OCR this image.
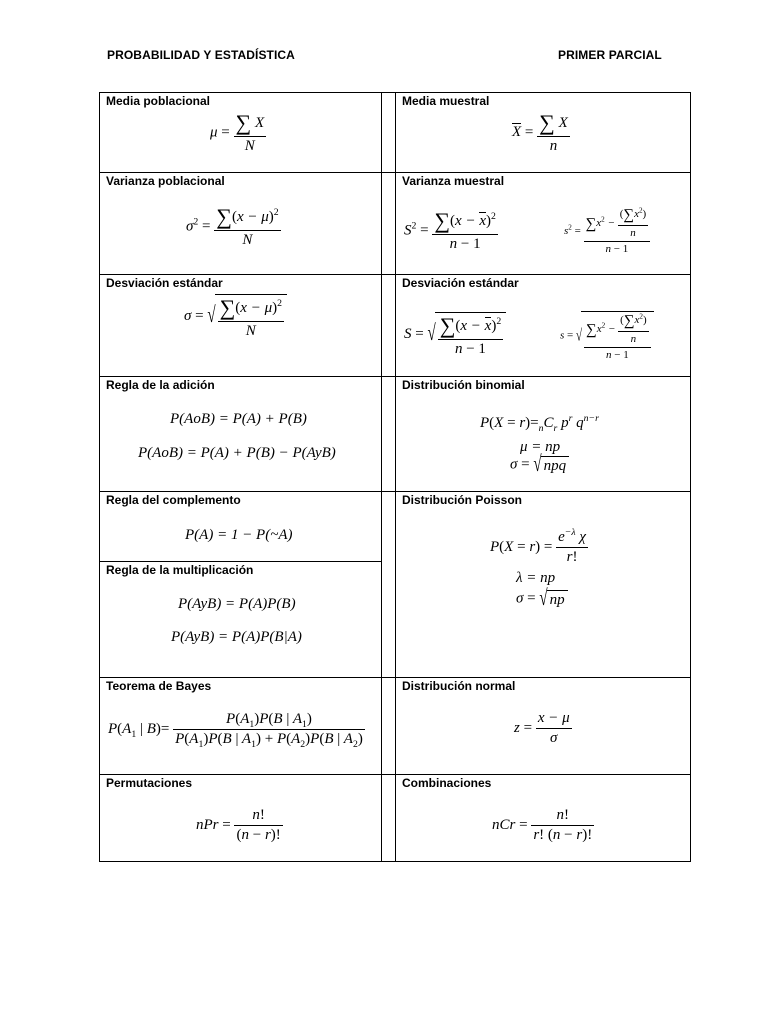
PROBABILIDAD Y ESTADÍSTICA	PRIMER PARCIAL
Media poblacional
$\mu = \frac{\sum X}{N}$
Media muestral
$X = \frac{\sum X}{n}$
Varianza poblacional
$\sigma^2 = \frac{\sum(x - \mu)^2}{N}$
Varianza muestral
$S^2 = \frac{\sum(x - x)^2}{n - 1}$	$s^2 = \frac{\sum x^2 - \frac{(\sum x^2)}{n}}{n - 1}$
Desviación estándar
σ = √ $\frac{\sum(x - \mu)^2}{N}$
Desviación estándar
S = √ $\frac{\sum(x - x)^2}{n - 1}$	s = √ $\frac{\sum x^2 - \frac{(\sum x^2)}{n}}{n - 1}$
Regla de la adición
P(AoB) = P(A) + P(B)
P(AoB) = P(A) + P(B) − P(AyB)
Distribución binomial
$P(X = r)=_nC_r$ $p^r$ $q^{n-r}$
μ = np
σ = √ npq
Regla del complemento
P(A) = 1 − P(~A)
Regla de la multiplicación
P(AyB) = P(A)P(B)
P(AyB) = P(A)P(B|A)
Distribución Poisson
$P(X = r) = \frac{e^{-\lambda} \chi}{r!}$
λ = np
σ = √ np
Teorema de Bayes
$P(A_1$ | $B)= \frac{P(A_1)P(B | A_1)}{P(A_1)P(B | A_1) + P(A_2)P(B | A_2)}$
Distribución normal
$z = \frac{x - \mu}{\sigma}$
Permutaciones
nPr = $\frac{n!}{(n - r)!}$
Combinaciones
nCr = $\frac{n!}{r! (n - r)!}$
